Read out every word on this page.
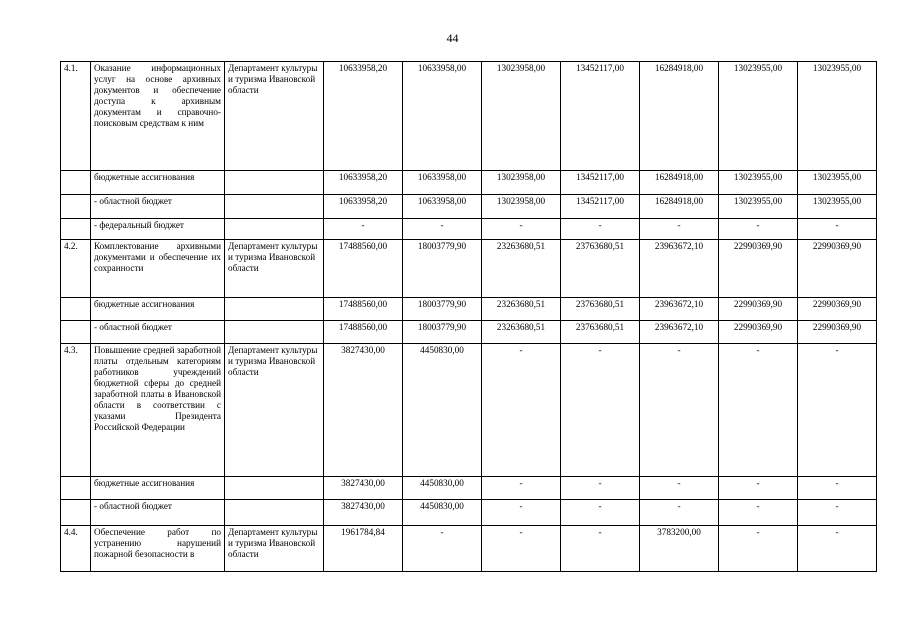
44
4.1.	Оказание информационных услуг на основе архивных документов и обеспечение доступа к архивным документам и справочно-поисковым средствам к ним	Департамент культуры и туризма Ивановской области	10633958,20	10633958,00	13023958,00	13452117,00	16284918,00	13023955,00	13023955,00
	бюджетные ассигнования		10633958,20	10633958,00	13023958,00	13452117,00	16284918,00	13023955,00	13023955,00
	- областной бюджет		10633958,20	10633958,00	13023958,00	13452117,00	16284918,00	13023955,00	13023955,00
	- федеральный бюджет		-	-	-	-	-	-	-
4.2.	Комплектование архивными документами и обеспечение их сохранности	Департамент культуры и туризма Ивановской области	17488560,00	18003779,90	23263680,51	23763680,51	23963672,10	22990369,90	22990369,90
	бюджетные ассигнования		17488560,00	18003779,90	23263680,51	23763680,51	23963672,10	22990369,90	22990369,90
	- областной бюджет		17488560,00	18003779,90	23263680,51	23763680,51	23963672,10	22990369,90	22990369,90
4.3.	Повышение средней заработной платы отдельным категориям работников учреждений бюджетной сферы до средней заработной платы в Ивановской области в соответствии с указами Президента Российской Федерации	Департамент культуры и туризма Ивановской области	3827430,00	4450830,00	-	-	-	-	-
	бюджетные ассигнования		3827430,00	4450830,00	-	-	-	-	-
	- областной бюджет		3827430,00	4450830,00	-	-	-	-	-
4.4.	Обеспечение работ по устранению нарушений пожарной безопасности в	Департамент культуры и туризма Ивановской области	1961784,84	-	-	-	3783200,00	-	-
